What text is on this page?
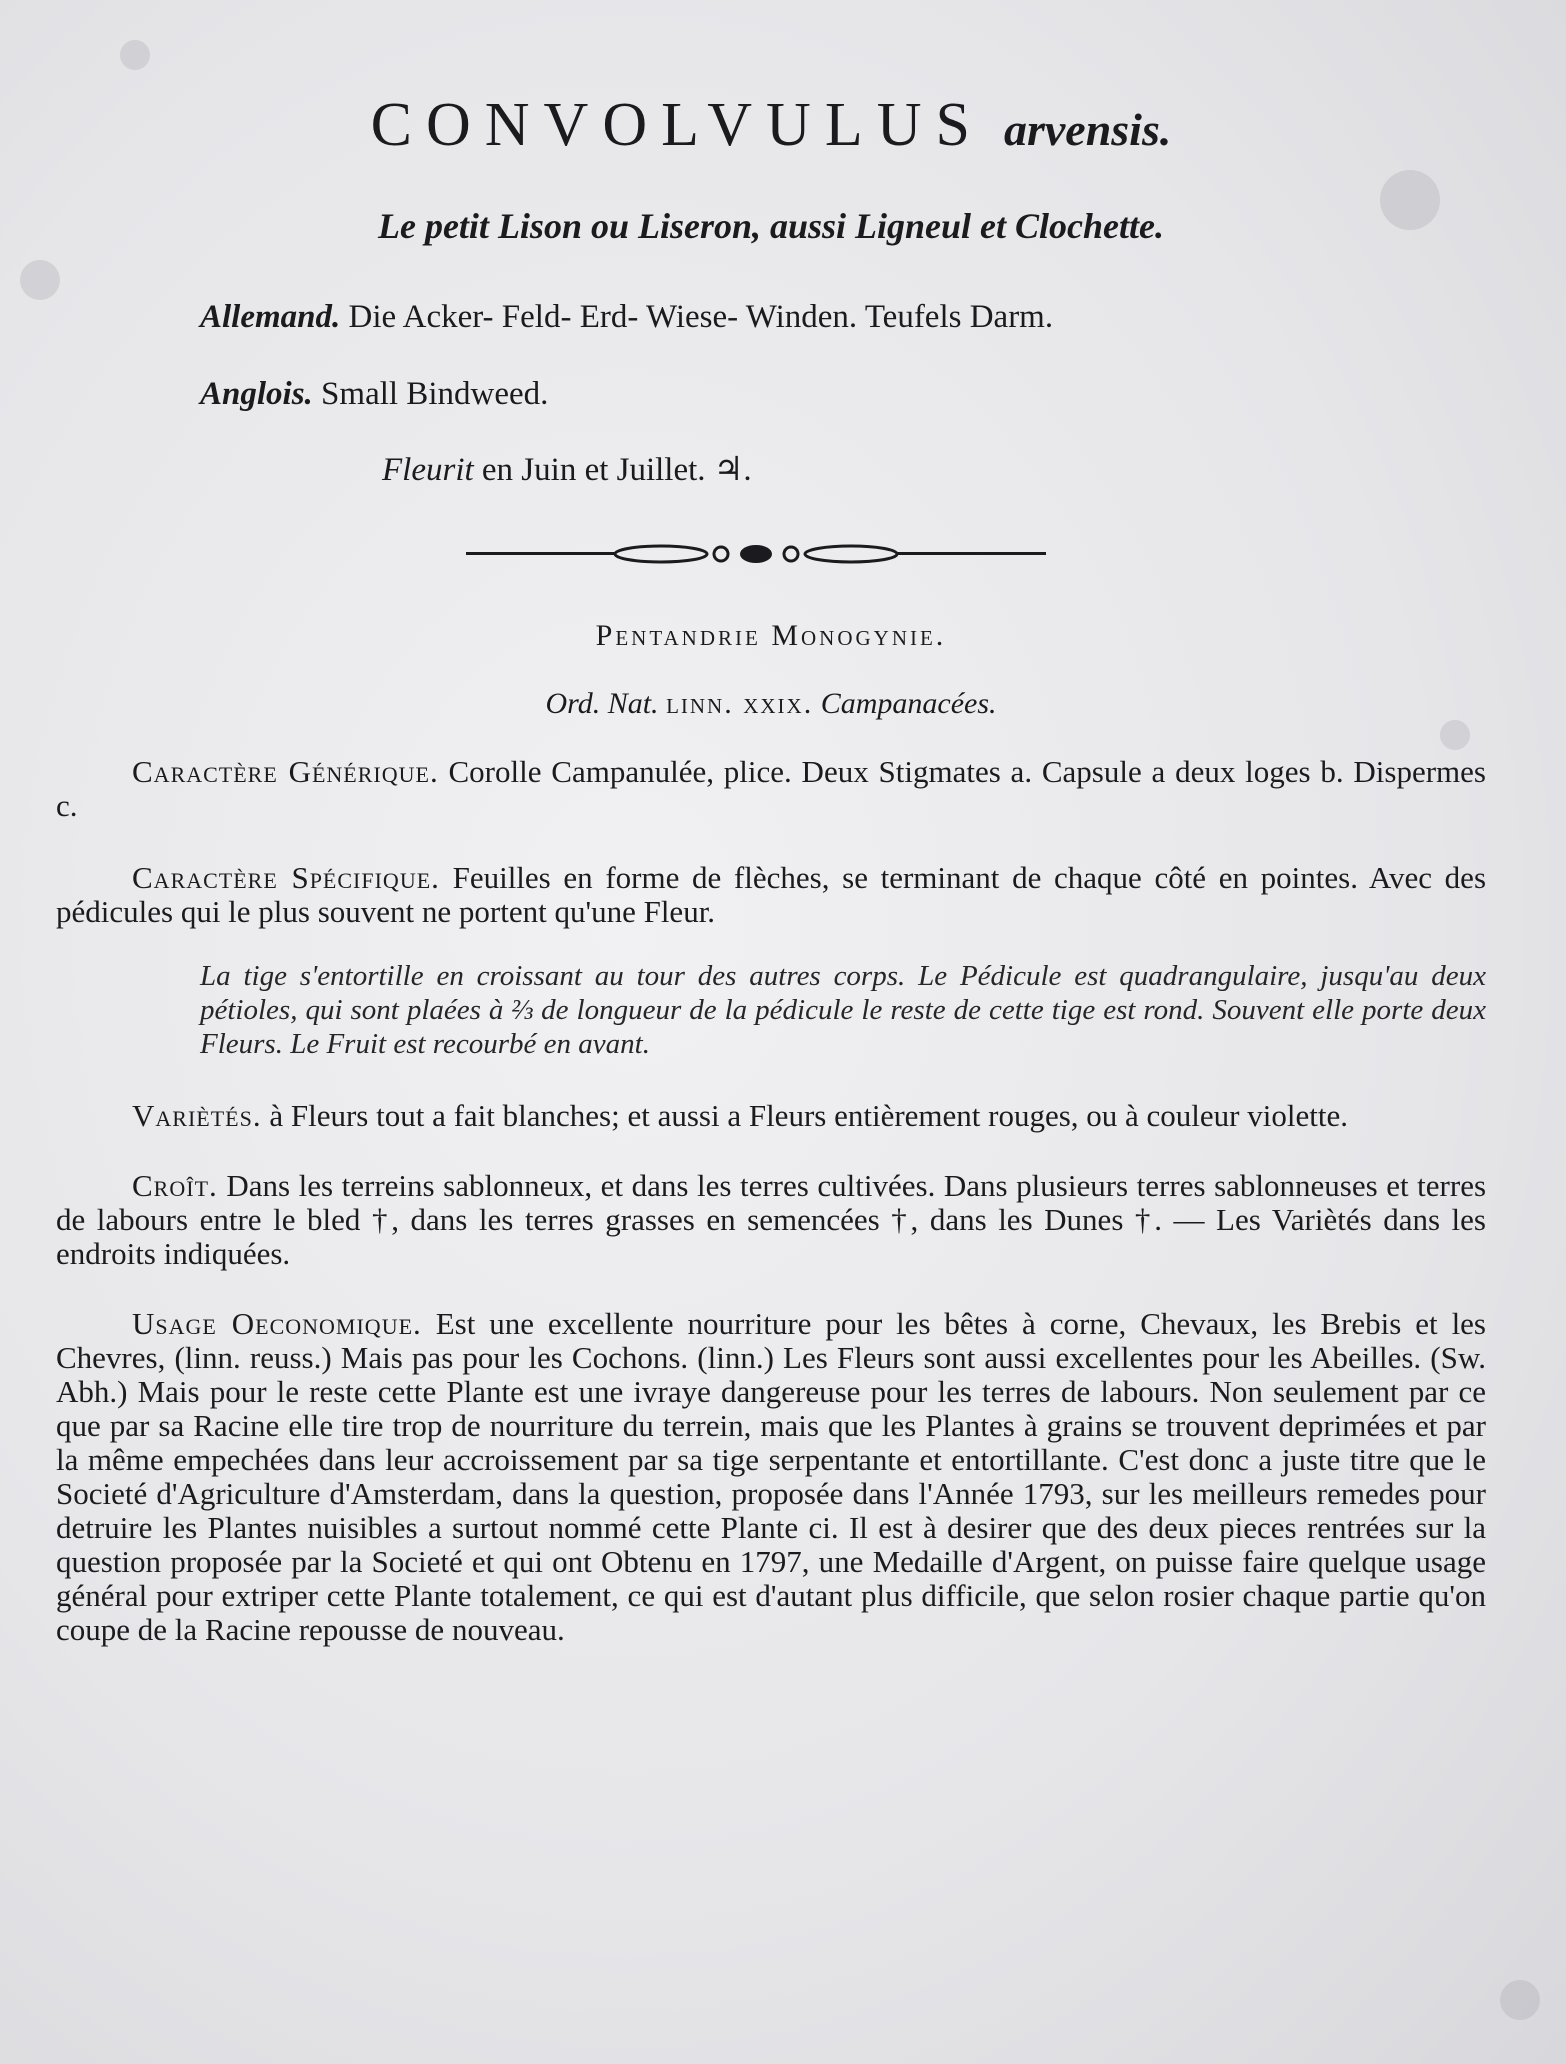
CONVOLVULUS arvensis.

Le petit Lison ou Liseron, aussi Ligneul et Clochette.

Allemand. Die Acker- Feld- Erd- Wiese- Winden. Teufels Darm.

Anglois. Small Bindweed.

Fleurit en Juin et Juillet. ♃.

Pentandrie Monogynie.

Ord. Nat. linn. xxix. Campanacées.

Caractère Générique. Corolle Campanulée, plice. Deux Stigmates a. Capsule a deux loges b. Dispermes c.

Caractère Spécifique. Feuilles en forme de flèches, se terminant de chaque côté en pointes. Avec des pédicules qui le plus souvent ne portent qu'une Fleur.

La tige s'entortille en croissant au tour des autres corps. Le Pédicule est quadrangulaire, jusqu'au deux pétioles, qui sont plaées à ⅔ de longueur de la pédicule le reste de cette tige est rond. Souvent elle porte deux Fleurs. Le Fruit est recourbé en avant.

Variètés. à Fleurs tout a fait blanches; et aussi a Fleurs entièrement rouges, ou à couleur violette.

Croît. Dans les terreins sablonneux, et dans les terres cultivées. Dans plusieurs terres sablonneuses et terres de labours entre le bled †, dans les terres grasses en semencées †, dans les Dunes †. — Les Variètés dans les endroits indiquées.

Usage Oeconomique. Est une excellente nourriture pour les bêtes à corne, Chevaux, les Brebis et les Chevres, (linn. reuss.) Mais pas pour les Cochons. (linn.) Les Fleurs sont aussi excellentes pour les Abeilles. (Sw. Abh.) Mais pour le reste cette Plante est une ivraye dangereuse pour les terres de labours. Non seulement par ce que par sa Racine elle tire trop de nourriture du terrein, mais que les Plantes à grains se trouvent deprimées et par la même empechées dans leur accroissement par sa tige serpentante et entortillante. C'est donc a juste titre que le Societé d'Agriculture d'Amsterdam, dans la question, proposée dans l'Année 1793, sur les meilleurs remedes pour detruire les Plantes nuisibles a surtout nommé cette Plante ci. Il est à desirer que des deux pieces rentrées sur la question proposée par la Societé et qui ont Obtenu en 1797, une Medaille d'Argent, on puisse faire quelque usage général pour extriper cette Plante totalement, ce qui est d'autant plus difficile, que selon rosier chaque partie qu'on coupe de la Racine repousse de nouveau.
